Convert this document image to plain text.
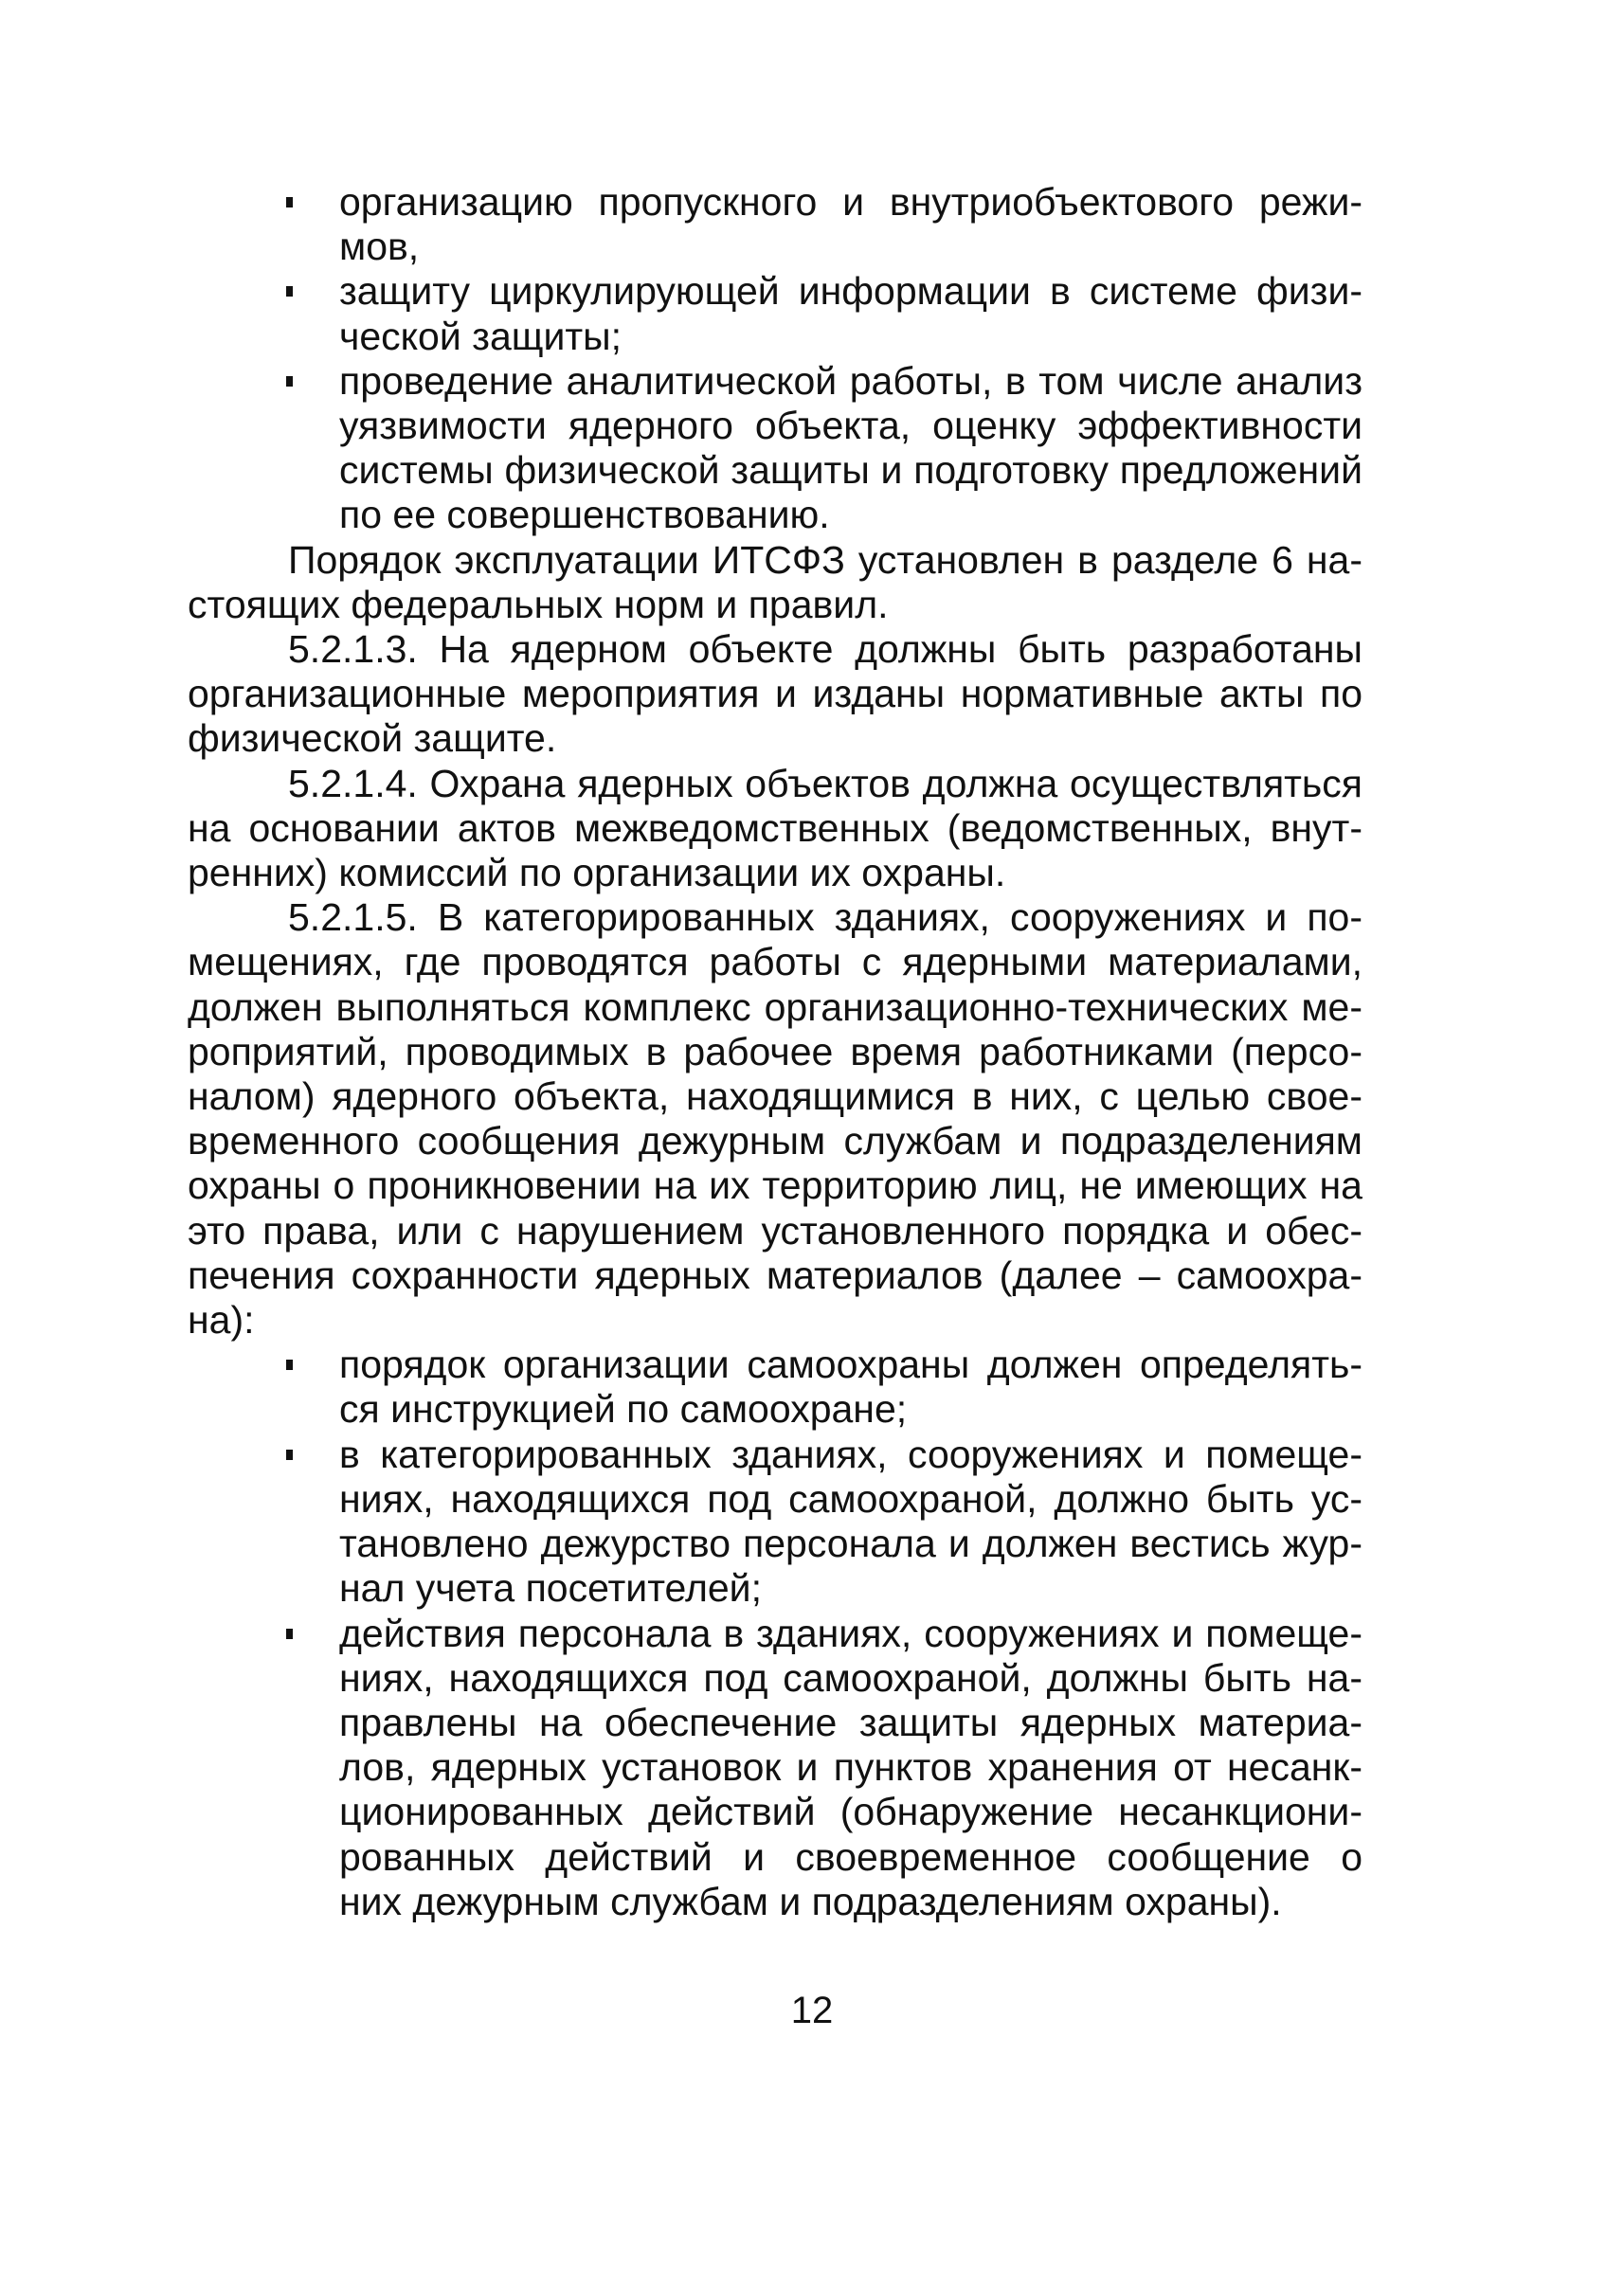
организацию пропускного и внутриобъектового режи-
мов,
защиту циркулирующей информации в системе физи-
ческой защиты;
проведение аналитической работы, в том числе анализ
уязвимости ядерного объекта, оценку эффективности
системы физической защиты и подготовку предложений
по ее совершенствованию.
Порядок эксплуатации ИТСФЗ установлен в разделе 6 на-
стоящих федеральных норм и правил.
5.2.1.3. На ядерном объекте должны быть разработаны
организационные мероприятия и изданы нормативные акты по
физической защите.
5.2.1.4. Охрана ядерных объектов должна осуществляться
на основании актов межведомственных (ведомственных, внут-
ренних) комиссий по организации их охраны.
5.2.1.5. В категорированных зданиях, сооружениях и по-
мещениях, где проводятся работы с ядерными материалами,
должен выполняться комплекс организационно-технических ме-
роприятий, проводимых в рабочее время работниками (персо-
налом) ядерного объекта, находящимися в них, с целью свое-
временного сообщения дежурным службам и подразделениям
охраны о проникновении на их территорию лиц, не имеющих на
это права, или с нарушением установленного порядка и обес-
печения сохранности ядерных материалов (далее – самоохра-
на):
порядок организации самоохраны должен определять-
ся инструкцией по самоохране;
в категорированных зданиях, сооружениях и помеще-
ниях, находящихся под самоохраной, должно быть ус-
тановлено дежурство персонала и должен вестись жур-
нал учета посетителей;
действия персонала в зданиях, сооружениях и помеще-
ниях, находящихся под самоохраной, должны быть на-
правлены на обеспечение защиты ядерных материа-
лов, ядерных установок и пунктов хранения от несанк-
ционированных действий (обнаружение несанкциони-
рованных действий и своевременное сообщение о
них дежурным службам и подразделениям охраны).
12
